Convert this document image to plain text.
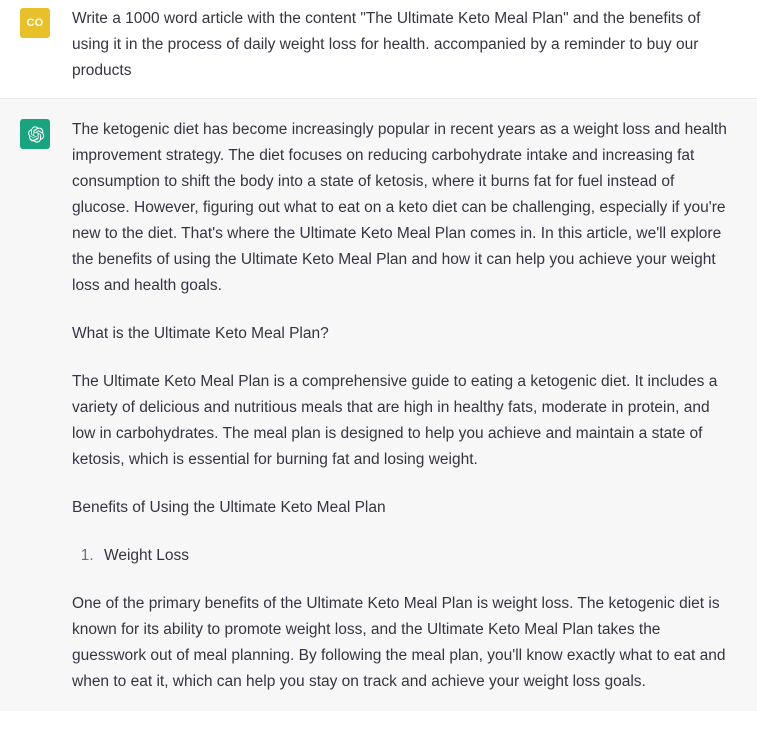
CO Write a 1000 word article with the content "The Ultimate Keto Meal Plan" and the benefits of using it in the process of daily weight loss for health. accompanied by a reminder to buy our products

The ketogenic diet has become increasingly popular in recent years as a weight loss and health improvement strategy. The diet focuses on reducing carbohydrate intake and increasing fat consumption to shift the body into a state of ketosis, where it burns fat for fuel instead of glucose. However, figuring out what to eat on a keto diet can be challenging, especially if you're new to the diet. That's where the Ultimate Keto Meal Plan comes in. In this article, we'll explore the benefits of using the Ultimate Keto Meal Plan and how it can help you achieve your weight loss and health goals.

What is the Ultimate Keto Meal Plan?

The Ultimate Keto Meal Plan is a comprehensive guide to eating a ketogenic diet. It includes a variety of delicious and nutritious meals that are high in healthy fats, moderate in protein, and low in carbohydrates. The meal plan is designed to help you achieve and maintain a state of ketosis, which is essential for burning fat and losing weight.

Benefits of Using the Ultimate Keto Meal Plan

1. Weight Loss

One of the primary benefits of the Ultimate Keto Meal Plan is weight loss. The ketogenic diet is known for its ability to promote weight loss, and the Ultimate Keto Meal Plan takes the guesswork out of meal planning. By following the meal plan, you'll know exactly what to eat and when to eat it, which can help you stay on track and achieve your weight loss goals.
